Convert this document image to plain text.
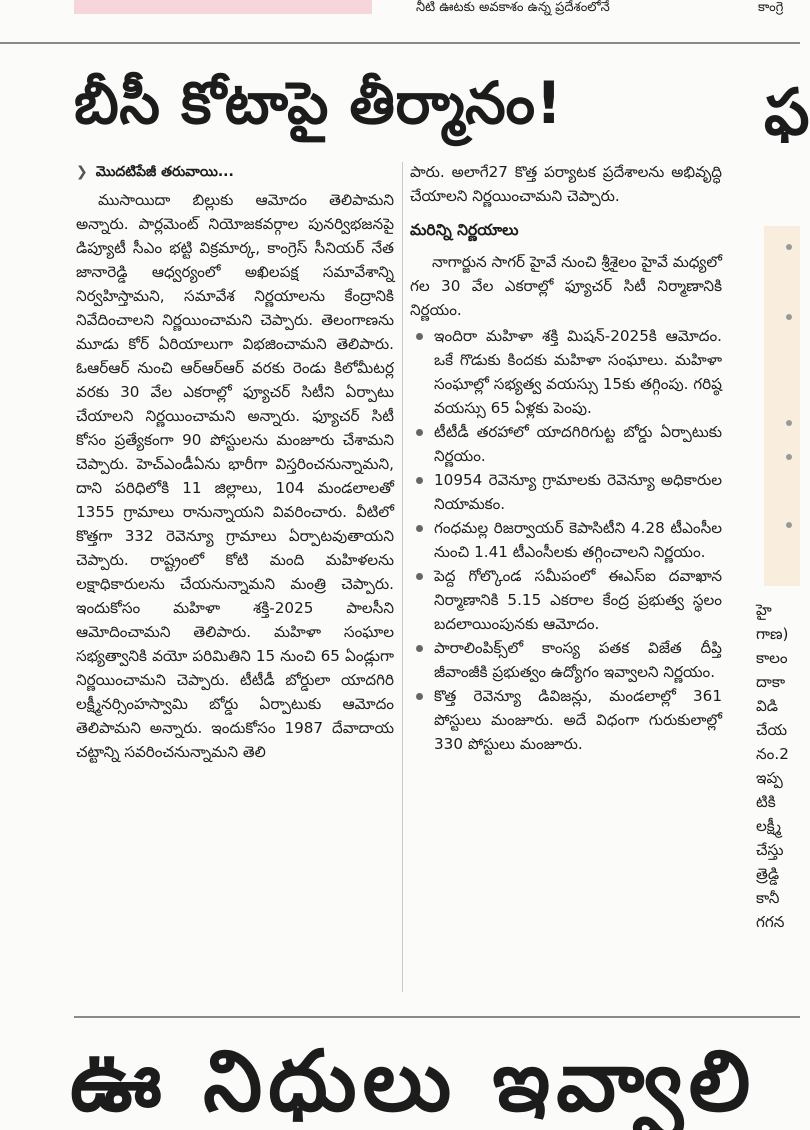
నీటి ఊటకు అవకాశం ఉన్న ప్రదేశంలోనే	కాంగ్రె
బీసీ కోటాపై తీర్మానం!	ఫ
❯ మొదటిపేజీ తరువాయి...

ముసాయిదా బిల్లుకు ఆమోదం తెలిపామని అన్నారు. పార్లమెంట్ నియోజకవర్గాల పునర్విభజనపై డిప్యూటీ సీఎం భట్టి విక్రమార్క, కాంగ్రెస్ సీనియర్ నేత జానారెడ్డి ఆధ్వర్యంలో అఖిలపక్ష సమావేశాన్ని నిర్వహిస్తామని, సమావేశ నిర్ణయాలను కేంద్రానికి నివేదించాలని నిర్ణయించామని చెప్పారు. తెలంగాణను మూడు కోర్ ఏరియాలుగా విభజించామని తెలిపారు. ఓఆర్ఆర్ నుంచి ఆర్ఆర్ఆర్ వరకు రెండు కిలోమీటర్ల వరకు 30 వేల ఎకరాల్లో ఫ్యూచర్ సిటీని ఏర్పాటు చేయాలని నిర్ణయించామని అన్నారు. ఫ్యూచర్ సిటీ కోసం ప్రత్యేకంగా 90 పోస్టులను మంజూరు చేశామని చెప్పారు. హెచ్ఎండీఏను భారీగా విస్తరించనున్నామని, దాని పరిధిలోకి 11 జిల్లాలు, 104 మండలాలతో 1355 గ్రామాలు రానున్నాయని వివరించారు. వీటిలో కొత్తగా 332 రెవెన్యూ గ్రామాలు ఏర్పాటవుతాయని చెప్పారు. రాష్ట్రంలో కోటి మంది మహిళలను లక్షాధికారులను చేయనున్నామని మంత్రి చెప్పారు. ఇందుకోసం మహిళా శక్తి-2025 పాలసీని ఆమోదించామని తెలిపారు. మహిళా సంఘాల సభ్యత్వానికి వయో పరిమితిని 15 నుంచి 65 ఏండ్లుగా నిర్ణయించామని చెప్పారు. టీటీడీ బోర్డులా యాదగిరి లక్ష్మీనర్సింహస్వామి బోర్డు ఏర్పాటుకు ఆమోదం తెలిపామని అన్నారు. ఇందుకోసం 1987 దేవాదాయ చట్టాన్ని సవరించనున్నామని తెలి

పారు. అలాగే27 కొత్త పర్యాటక ప్రదేశాలను అభివృద్ధి చేయాలని నిర్ణయించామని చెప్పారు.

మరిన్ని నిర్ణయాలు

నాగార్జున సాగర్ హైవే నుంచి శ్రీశైలం హైవే మధ్యలో గల 30 వేల ఎకరాల్లో ఫ్యూచర్ సిటీ నిర్మాణానికి నిర్ణయం.

ఇందిరా మహిళా శక్తి మిషన్-2025కి ఆమోదం. ఒకే గొడుకు కిందకు మహిళా సంఘాలు. మహిళా సంఘాల్లో సభ్యత్వ వయస్సు 15కు తగ్గింపు. గరిష్ఠ వయస్సు 65 ఏళ్లకు పెంపు.
టీటీడీ తరహాలో యాదగిరిగుట్ట బోర్డు ఏర్పాటుకు నిర్ణయం.
10954 రెవెన్యూ గ్రామాలకు రెవెన్యూ అధికారుల నియామకం.
గంధమల్ల రిజర్వాయర్ కెపాసిటీని 4.28 టీఎంసీల నుంచి 1.41 టీఎంసీలకు తగ్గించాలని నిర్ణయం.
పెద్ద గోల్కొండ సమీపంలో ఈఎస్ఐ దవాఖాన నిర్మాణానికి 5.15 ఎకరాల కేంద్ర ప్రభుత్వ స్థలం బదలాయింపునకు ఆమోదం.
పారాలింపిక్స్‌లో కాంస్య పతక విజేత దీప్తి జీవాంజీకి ప్రభుత్వం ఉద్యోగం ఇవ్వాలని నిర్ణయం.
కొత్త రెవెన్యూ డివిజన్లు, మండలాల్లో 361 పోస్టులు మంజూరు. అదే విధంగా గురుకులాల్లో 330 పోస్టులు మంజూరు.
హై
గాణ)
కాలం
దాకా
విడి
చేయ
నం.2
ఇప్ప
టికి
లక్ష్మీ
చేస్తు
త్రెడ్డి
కానీ
గగన
ఊ నిధులు ఇవ్వాలి
